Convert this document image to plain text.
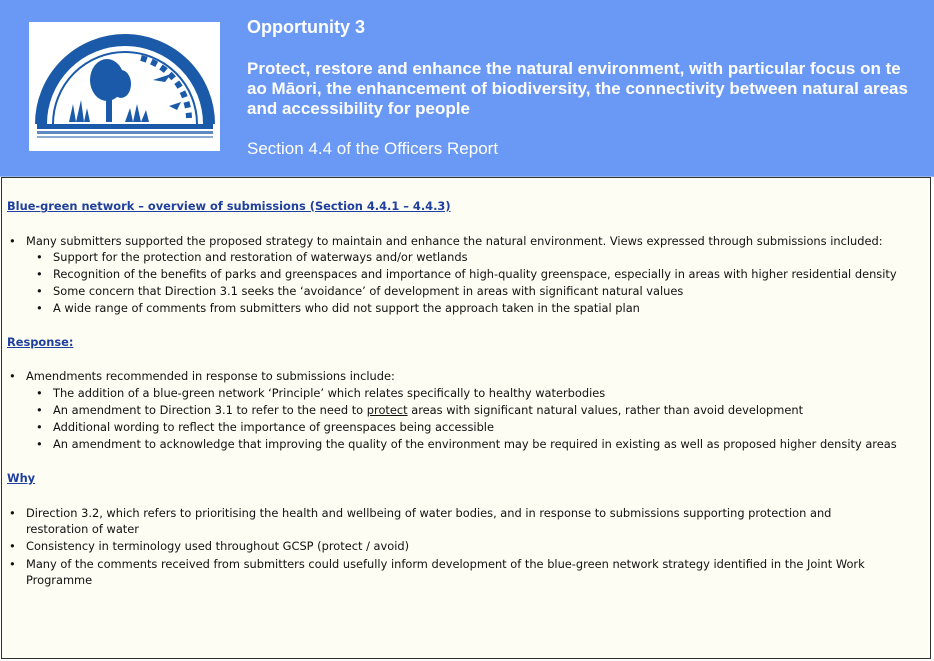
Opportunity 3
Protect, restore and enhance the natural environment, with particular focus on te ao Māori, the enhancement of biodiversity, the connectivity between natural areas and accessibility for people
Section 4.4 of the Officers Report
Blue-green network – overview of submissions (Section 4.4.1 – 4.4.3)
• Many submitters supported the proposed strategy to maintain and enhance the natural environment. Views expressed through submissions included:
• Support for the protection and restoration of waterways and/or wetlands
• Recognition of the benefits of parks and greenspaces and importance of high-quality greenspace, especially in areas with higher residential density
• Some concern that Direction 3.1 seeks the ‘avoidance’ of development in areas with significant natural values
• A wide range of comments from submitters who did not support the approach taken in the spatial plan
Response:
• Amendments recommended in response to submissions include:
• The addition of a blue-green network ‘Principle’ which relates specifically to healthy waterbodies
• An amendment to Direction 3.1 to refer to the need to protect areas with significant natural values, rather than avoid development
• Additional wording to reflect the importance of greenspaces being accessible
• An amendment to acknowledge that improving the quality of the environment may be required in existing as well as proposed higher density areas
Why
• Direction 3.2, which refers to prioritising the health and wellbeing of water bodies, and in response to submissions supporting protection and restoration of water
• Consistency in terminology used throughout GCSP (protect / avoid)
• Many of the comments received from submitters could usefully inform development of the blue-green network strategy identified in the Joint Work Programme
